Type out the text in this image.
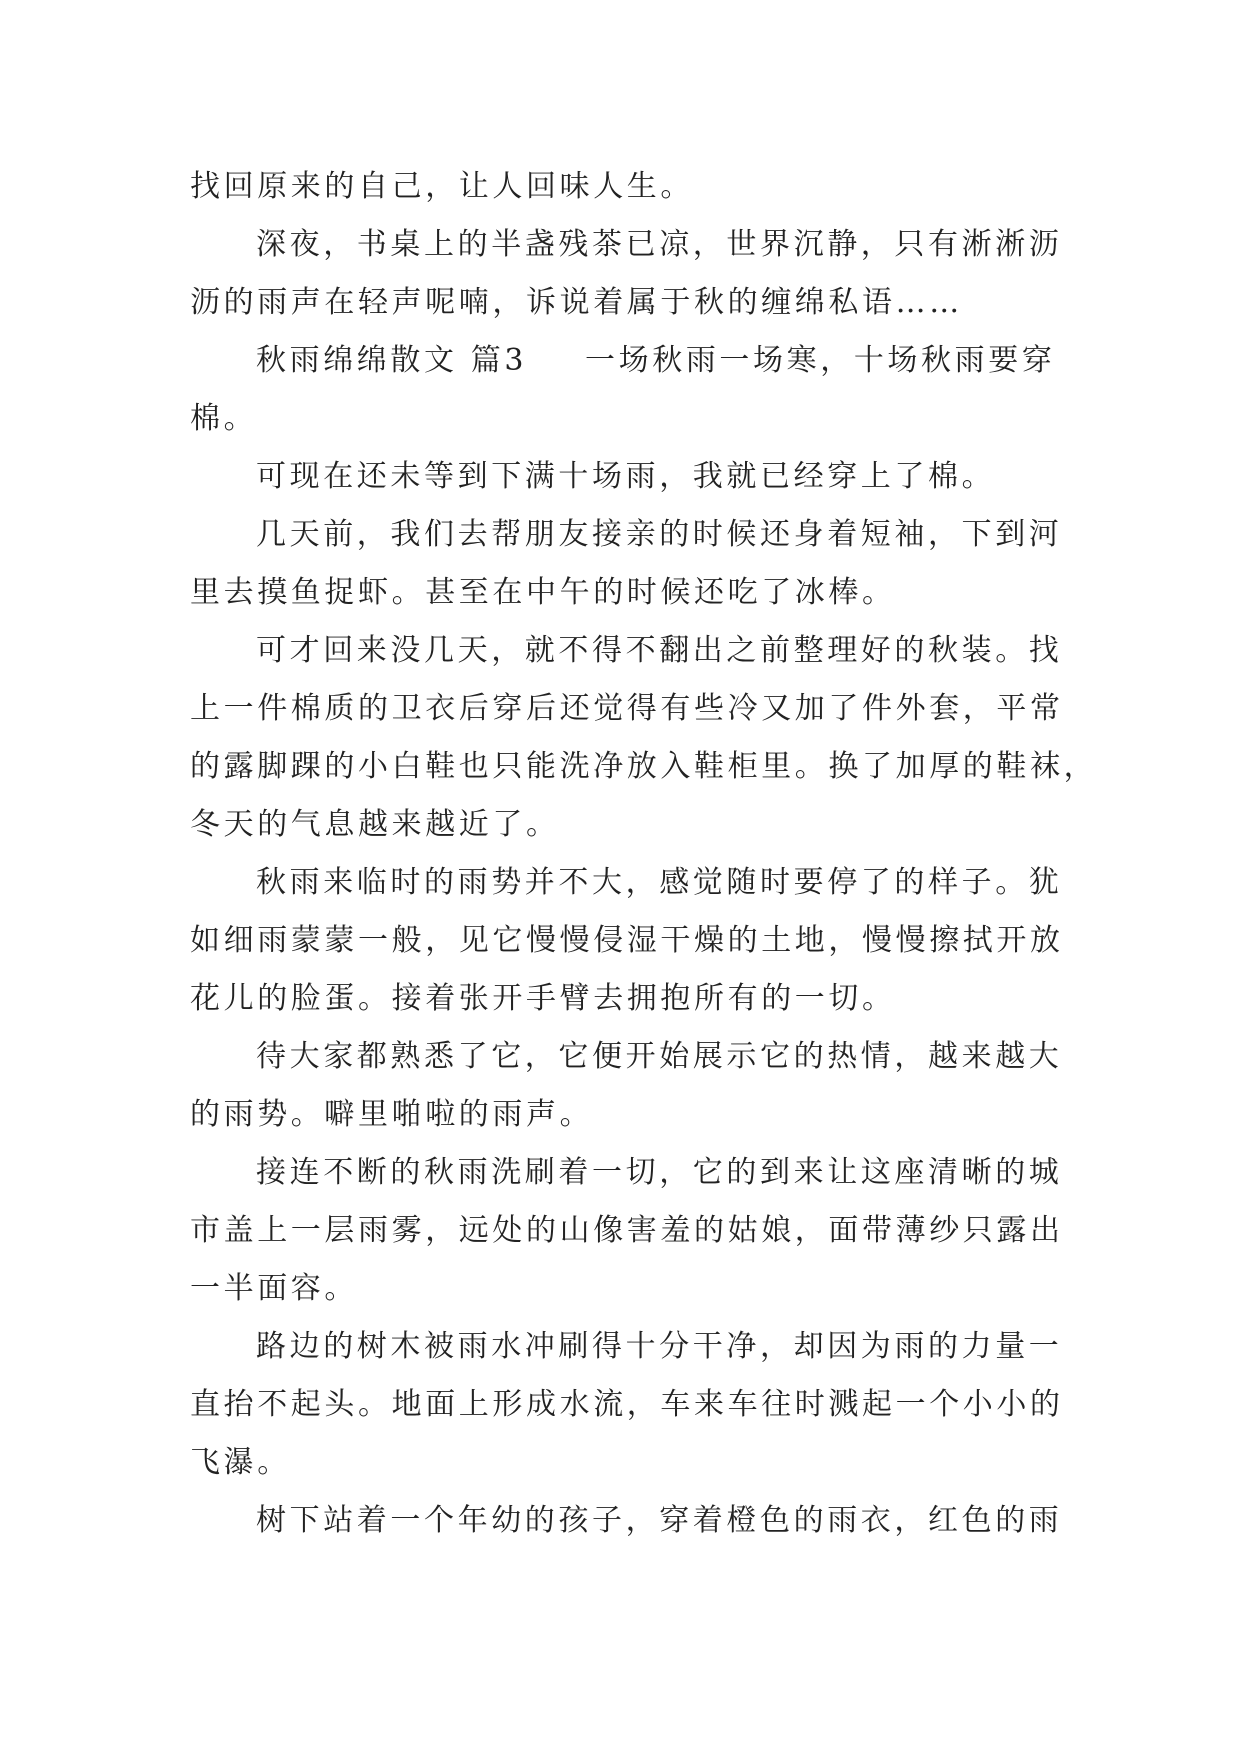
找回原来的自己，让人回味人生。

深夜，书桌上的半盏残茶已凉，世界沉静，只有淅淅沥
沥的雨声在轻声呢喃，诉说着属于秋的缠绵私语……

秋雨绵绵散文 篇3 一场秋雨一场寒，十场秋雨要穿
棉。

可现在还未等到下满十场雨，我就已经穿上了棉。

几天前，我们去帮朋友接亲的时候还身着短袖，下到河
里去摸鱼捉虾。甚至在中午的时候还吃了冰棒。

可才回来没几天，就不得不翻出之前整理好的秋装。找
上一件棉质的卫衣后穿后还觉得有些冷又加了件外套，平常
的露脚踝的小白鞋也只能洗净放入鞋柜里。换了加厚的鞋袜，
冬天的气息越来越近了。

秋雨来临时的雨势并不大，感觉随时要停了的样子。犹
如细雨蒙蒙一般，见它慢慢侵湿干燥的土地，慢慢擦拭开放
花儿的脸蛋。接着张开手臂去拥抱所有的一切。

待大家都熟悉了它，它便开始展示它的热情，越来越大
的雨势。噼里啪啦的雨声。

接连不断的秋雨洗刷着一切，它的到来让这座清晰的城
市盖上一层雨雾，远处的山像害羞的姑娘，面带薄纱只露出
一半面容。

路边的树木被雨水冲刷得十分干净，却因为雨的力量一
直抬不起头。地面上形成水流，车来车往时溅起一个小小的
飞瀑。

树下站着一个年幼的孩子，穿着橙色的雨衣，红色的雨
